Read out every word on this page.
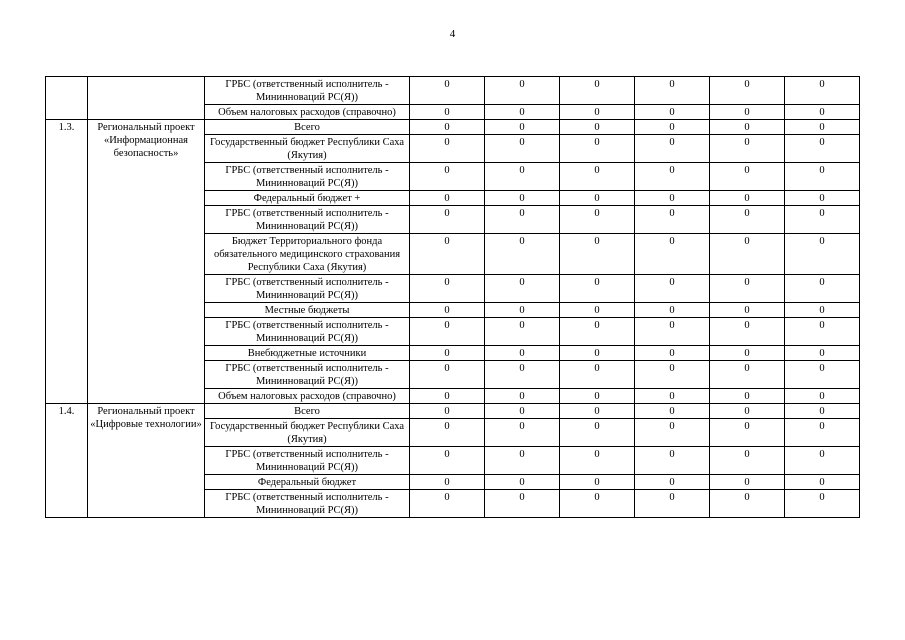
4
		ГРБС (ответственный исполнитель - Мининноваций РС(Я))	0	0	0	0	0	0
		Объем налоговых расходов (справочно)	0	0	0	0	0	0
1.3.	Региональный проект «Информационная безопасность»	Всего	0	0	0	0	0	0
		Государственный бюджет Республики Саха (Якутия)	0	0	0	0	0	0
		ГРБС (ответственный исполнитель - Мининноваций РС(Я))	0	0	0	0	0	0
		Федеральный бюджет +	0	0	0	0	0	0
		ГРБС (ответственный исполнитель - Мининноваций РС(Я))	0	0	0	0	0	0
		Бюджет Территориального фонда обязательного медицинского страхования Республики Саха (Якутия)	0	0	0	0	0	0
		ГРБС (ответственный исполнитель - Мининноваций РС(Я))	0	0	0	0	0	0
		Местные бюджеты	0	0	0	0	0	0
		ГРБС (ответственный исполнитель - Мининноваций РС(Я))	0	0	0	0	0	0
		Внебюджетные источники	0	0	0	0	0	0
		ГРБС (ответственный исполнитель - Мининноваций РС(Я))	0	0	0	0	0	0
		Объем налоговых расходов (справочно)	0	0	0	0	0	0
1.4.	Региональный проект «Цифровые технологии»	Всего	0	0	0	0	0	0
		Государственный бюджет Республики Саха (Якутия)	0	0	0	0	0	0
		ГРБС (ответственный исполнитель - Мининноваций РС(Я))	0	0	0	0	0	0
		Федеральный бюджет	0	0	0	0	0	0
		ГРБС (ответственный исполнитель - Мининноваций РС(Я))	0	0	0	0	0	0
